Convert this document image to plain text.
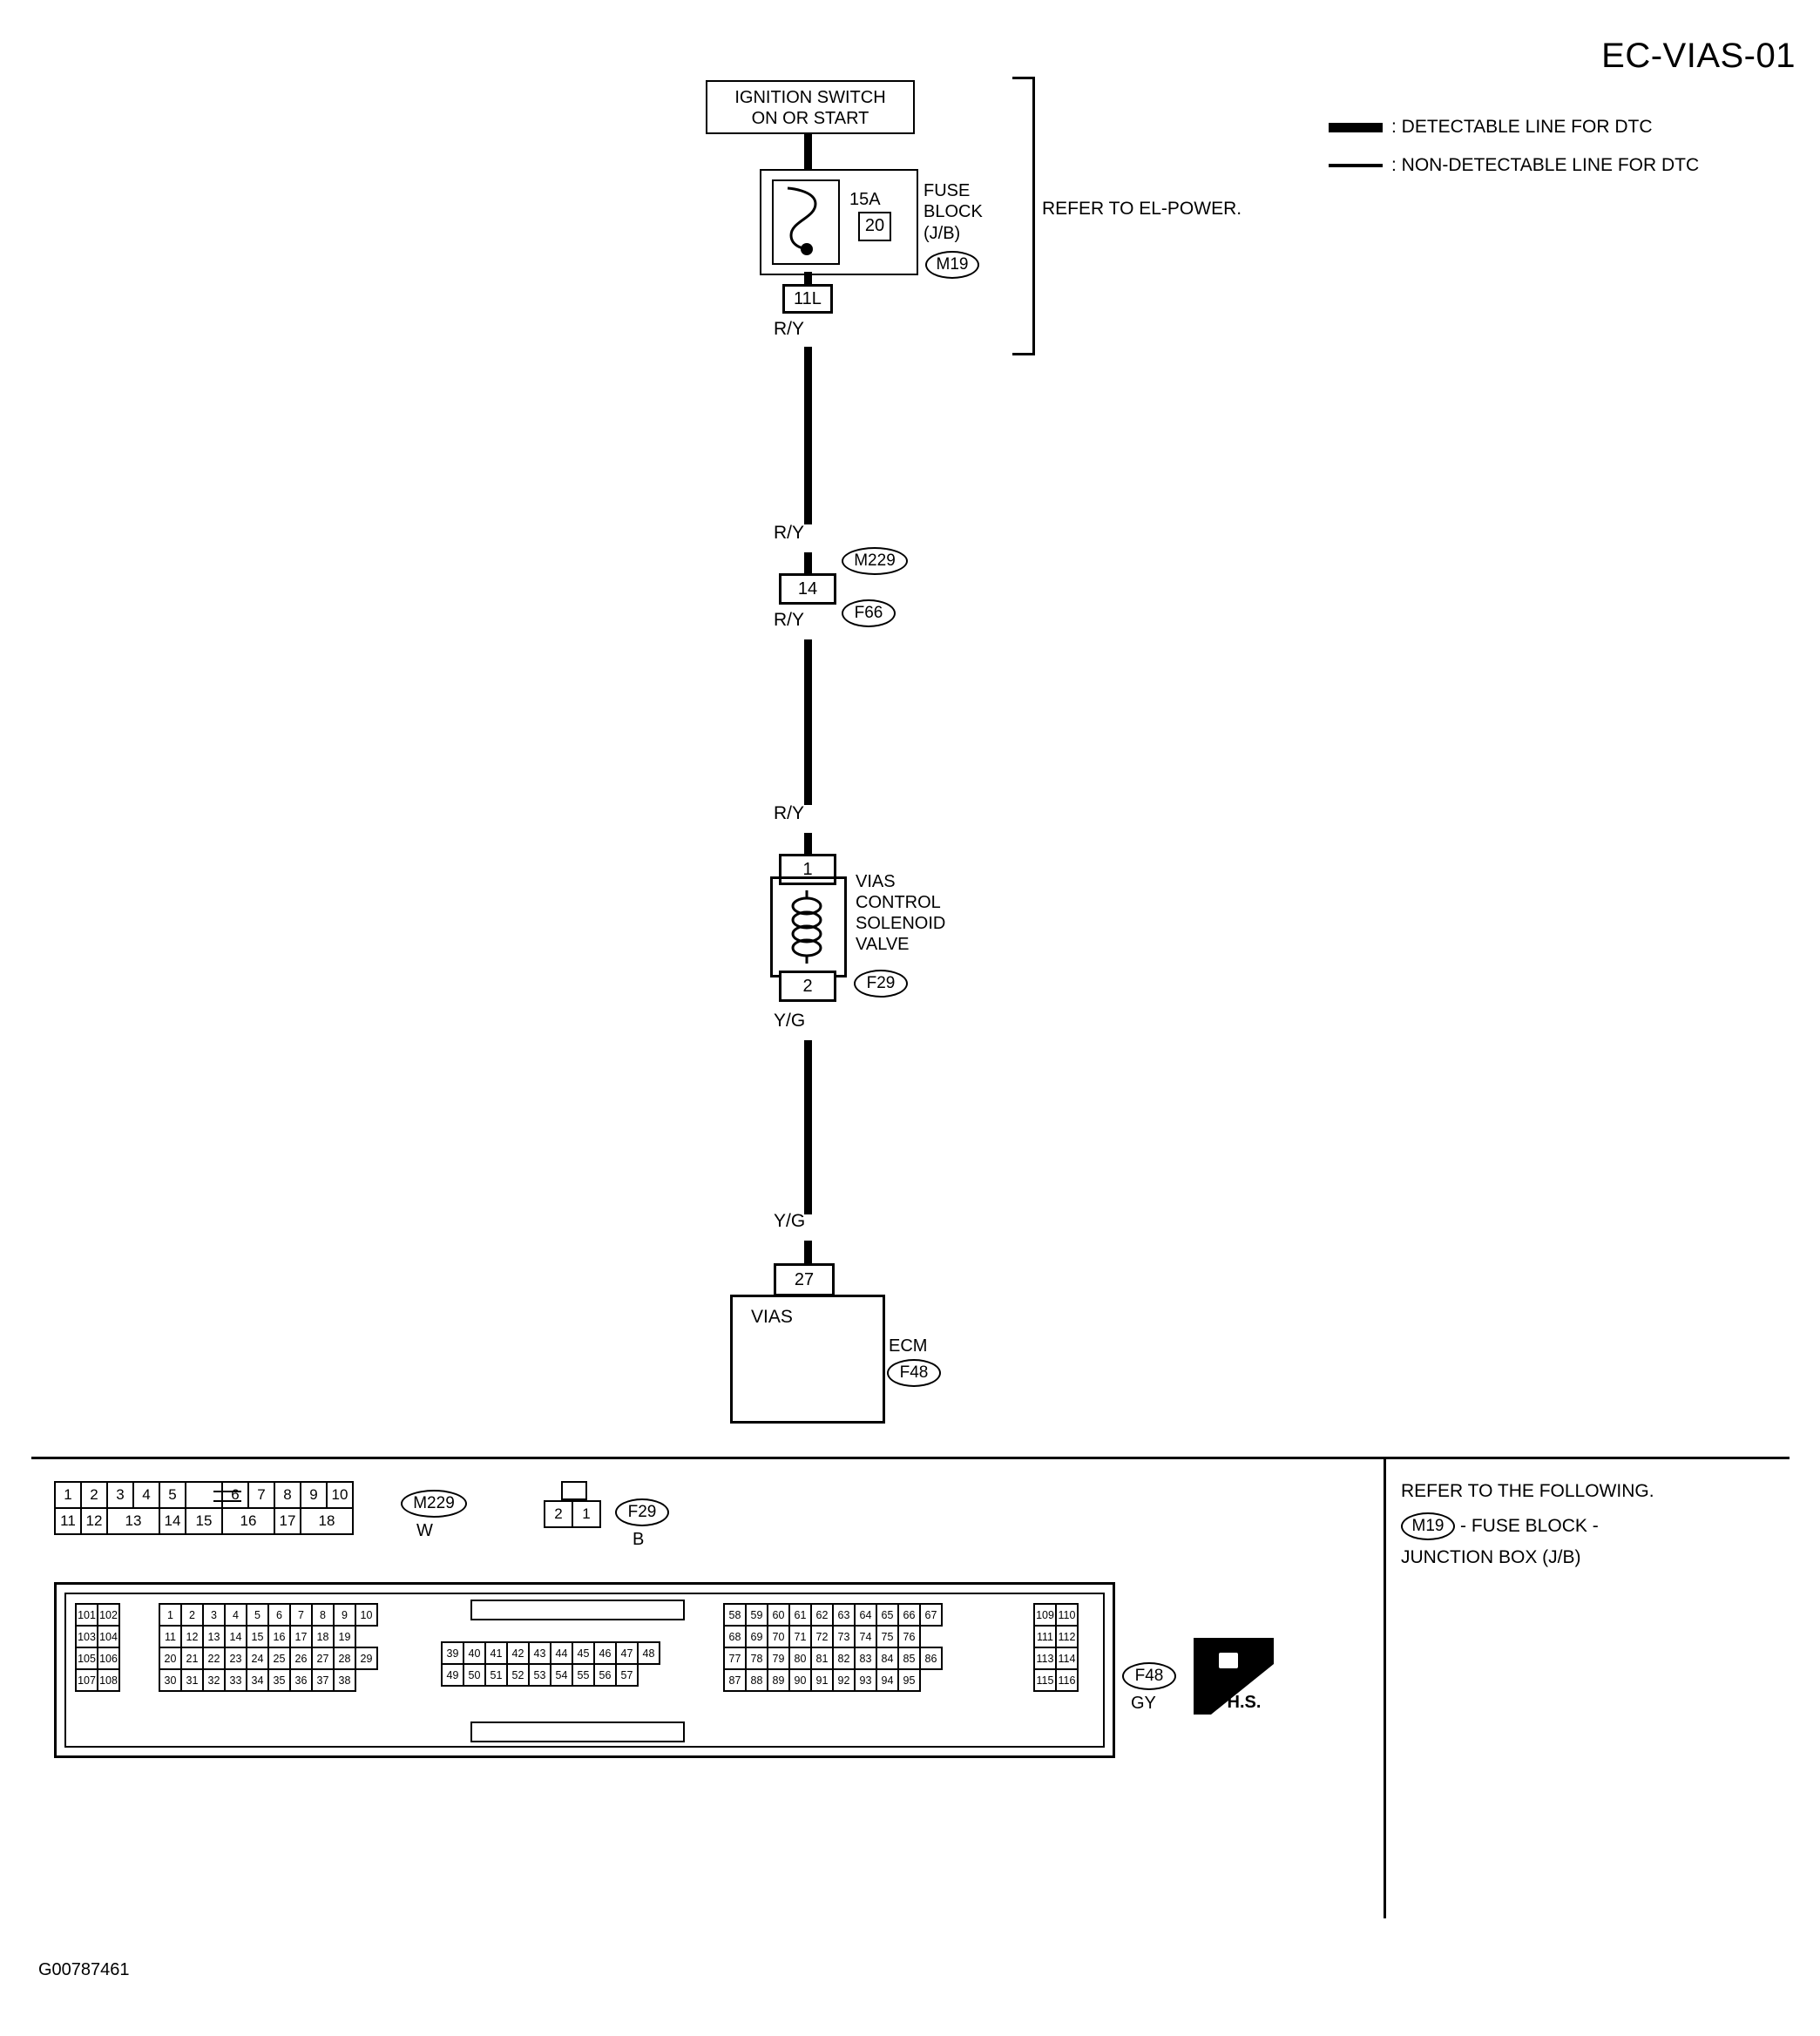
EC-VIAS-01
: DETECTABLE LINE FOR DTC
: NON-DETECTABLE LINE FOR DTC
IGNITION SWITCH
ON OR START
15A
20
FUSE
BLOCK
(J/B)
M19
REFER TO EL-POWER.
11L
R/Y
R/Y
14
M229
F66
R/Y
R/Y
1
VIAS
CONTROL
SOLENOID
VALVE
2	F29
Y/G
Y/G
27
VIAS
ECM
F48
REFER TO THE FOLLOWING.
M19 - FUSE BLOCK -
JUNCTION BOX (J/B)
1	2	3	4	5		6	7	8	9	10
11	12	13		14	15	16		17	18	
M229
W
2	1	F29
B
101	102
103	104
105	106
107	108
1	2	3	4	5	6	7	8	9	10
11	12	13	14	15	16	17	18	19	
20	21	22	23	24	25	26	27	28	29
30	31	32	33	34	35	36	37	38	
39	40	41	42	43	44	45	46	47	48
49	50	51	52	53	54	55	56	57	
58	59	60	61	62	63	64	65	66	67
68	69	70	71	72	73	74	75	76	
77	78	79	80	81	82	83	84	85	86
87	88	89	90	91	92	93	94	95	
109	110
111	112
113	114
115	116	F48
GY	H.S.
G00787461
